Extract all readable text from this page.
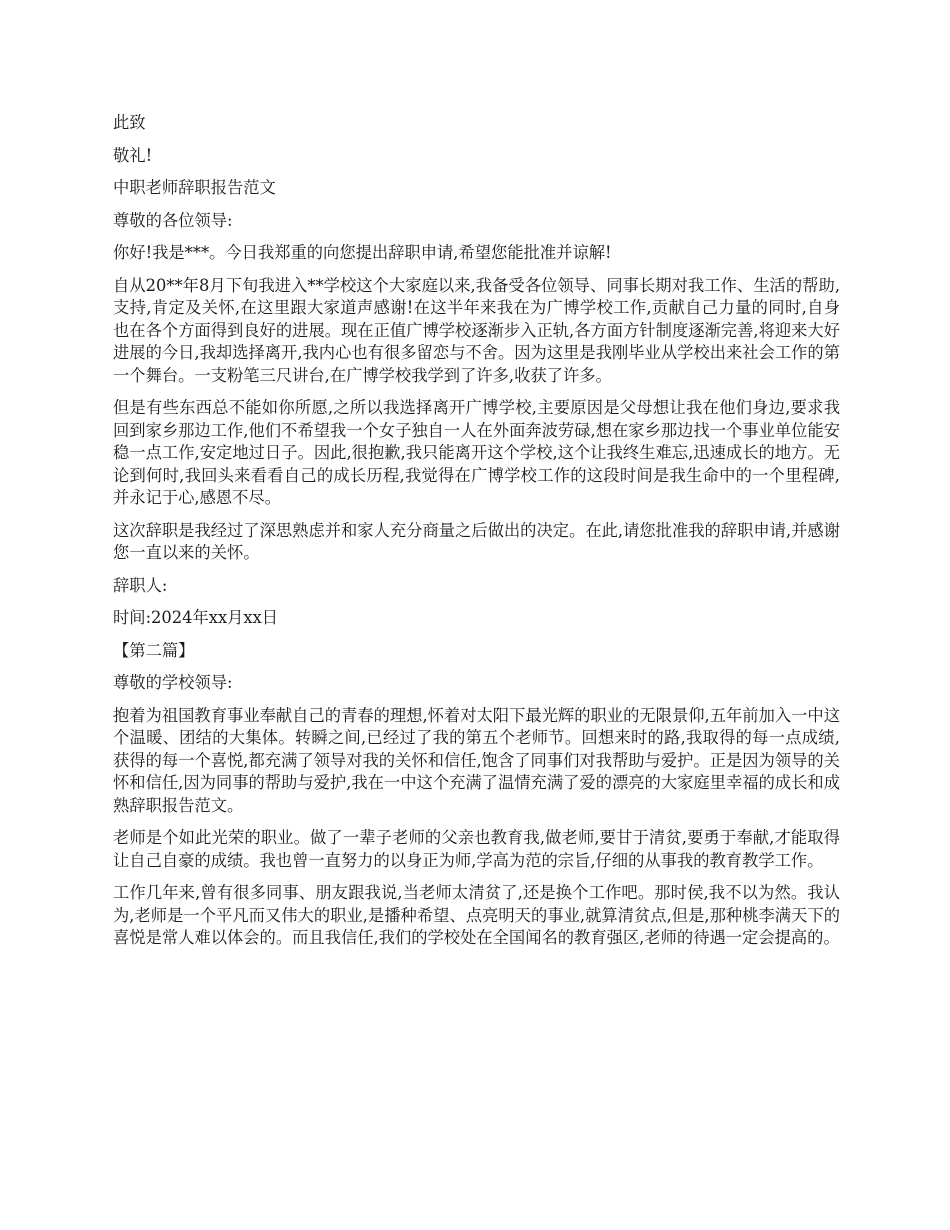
此致

敬礼!

中职老师辞职报告范文

尊敬的各位领导:

你好!我是***。今日我郑重的向您提出辞职申请,希望您能批准并谅解!

自从20**年8月下旬我进入**学校这个大家庭以来,我备受各位领导、同事长期对我工作、生活的帮助,支持,肯定及关怀,在这里跟大家道声感谢!在这半年来我在为广博学校工作,贡献自己力量的同时,自身也在各个方面得到良好的进展。现在正值广博学校逐渐步入正轨,各方面方针制度逐渐完善,将迎来大好进展的今日,我却选择离开,我内心也有很多留恋与不舍。因为这里是我刚毕业从学校出来社会工作的第一个舞台。一支粉笔三尺讲台,在广博学校我学到了许多,收获了许多。

但是有些东西总不能如你所愿,之所以我选择离开广博学校,主要原因是父母想让我在他们身边,要求我回到家乡那边工作,他们不希望我一个女子独自一人在外面奔波劳碌,想在家乡那边找一个事业单位能安稳一点工作,安定地过日子。因此,很抱歉,我只能离开这个学校,这个让我终生难忘,迅速成长的地方。无论到何时,我回头来看看自己的成长历程,我觉得在广博学校工作的这段时间是我生命中的一个里程碑,并永记于心,感恩不尽。

这次辞职是我经过了深思熟虑并和家人充分商量之后做出的决定。在此,请您批准我的辞职申请,并感谢您一直以来的关怀。

辞职人:

时间:2024年xx月xx日

【第二篇】

尊敬的学校领导:

抱着为祖国教育事业奉献自己的青春的理想,怀着对太阳下最光辉的职业的无限景仰,五年前加入一中这个温暖、团结的大集体。转瞬之间,已经过了我的第五个老师节。回想来时的路,我取得的每一点成绩,获得的每一个喜悦,都充满了领导对我的关怀和信任,饱含了同事们对我帮助与爱护。正是因为领导的关怀和信任,因为同事的帮助与爱护,我在一中这个充满了温情充满了爱的漂亮的大家庭里幸福的成长和成熟辞职报告范文。

老师是个如此光荣的职业。做了一辈子老师的父亲也教育我,做老师,要甘于清贫,要勇于奉献,才能取得让自己自豪的成绩。我也曾一直努力的以身正为师,学高为范的宗旨,仔细的从事我的教育教学工作。

工作几年来,曾有很多同事、朋友跟我说,当老师太清贫了,还是换个工作吧。那时侯,我不以为然。我认为,老师是一个平凡而又伟大的职业,是播种希望、点亮明天的事业,就算清贫点,但是,那种桃李满天下的喜悦是常人难以体会的。而且我信任,我们的学校处在全国闻名的教育强区,老师的待遇一定会提高的。
